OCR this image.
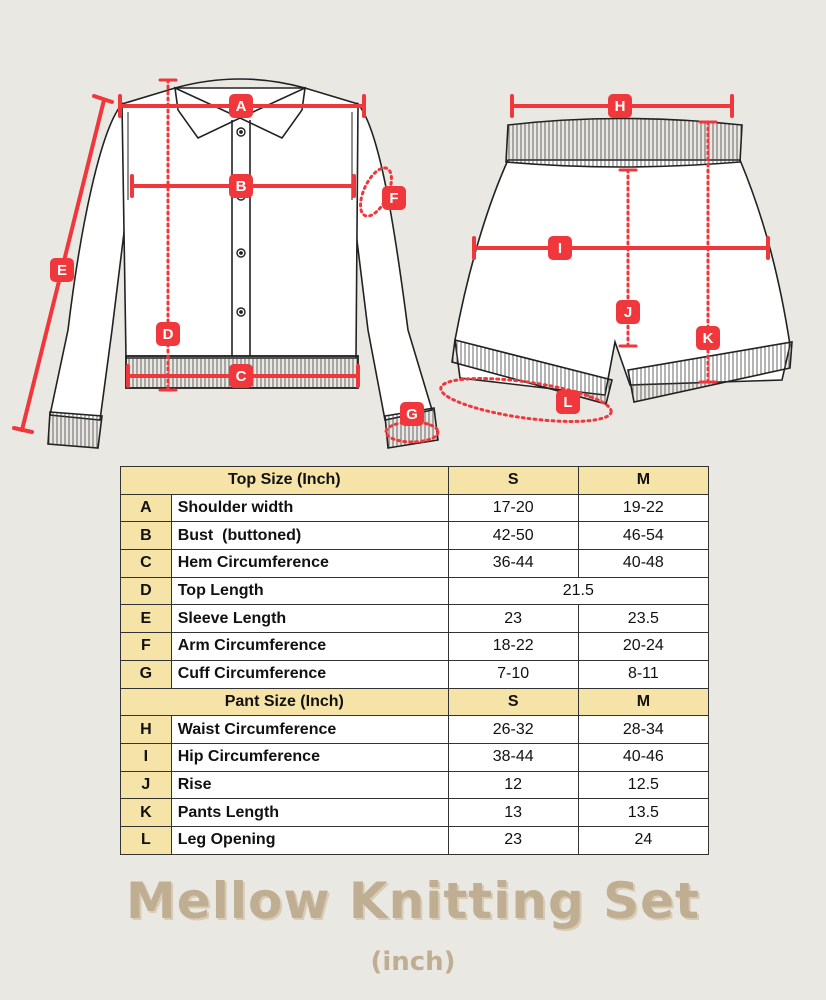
A
B
C
D
E
F
G
H
I
J
K
L
Top Size (Inch)		S	M
A	Shoulder width	17-20	19-22
B	Bust  (buttoned)	42-50	46-54
C	Hem Circumference	36-44	40-48
D	Top Length	21.5	
E	Sleeve Length	23	23.5
F	Arm Circumference	18-22	20-24
G	Cuff Circumference	7-10	8-11
Pant Size (Inch)		S	M
H	Waist Circumference	26-32	28-34
I	Hip Circumference	38-44	40-46
J	Rise	12	12.5
K	Pants Length	13	13.5
L	Leg Opening	23	24
Mellow Knitting Set
(inch)
